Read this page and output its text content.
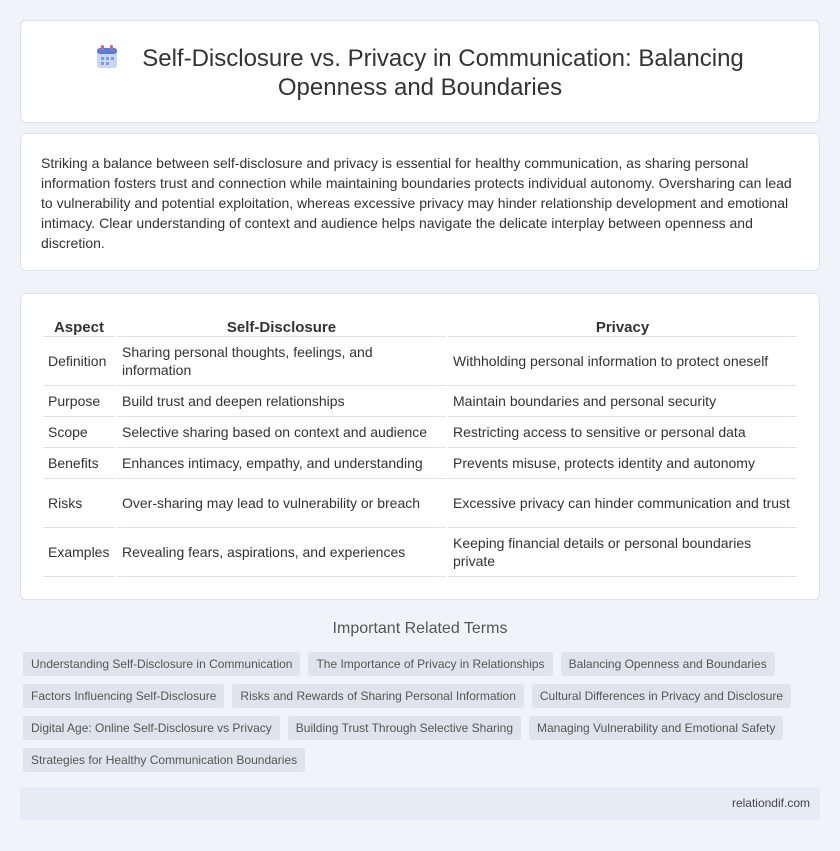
Self-Disclosure vs. Privacy in Communication: Balancing Openness and Boundaries

Striking a balance between self-disclosure and privacy is essential for healthy communication, as sharing personal information fosters trust and connection while maintaining boundaries protects individual autonomy. Oversharing can lead to vulnerability and potential exploitation, whereas excessive privacy may hinder relationship development and emotional intimacy. Clear understanding of context and audience helps navigate the delicate interplay between openness and discretion.

Aspect	Self-Disclosure	Privacy
Definition	Sharing personal thoughts, feelings, and information	Withholding personal information to protect oneself
Purpose	Build trust and deepen relationships	Maintain boundaries and personal security
Scope	Selective sharing based on context and audience	Restricting access to sensitive or personal data
Benefits	Enhances intimacy, empathy, and understanding	Prevents misuse, protects identity and autonomy
Risks	Over-sharing may lead to vulnerability or breach	Excessive privacy can hinder communication and trust
Examples	Revealing fears, aspirations, and experiences	Keeping financial details or personal boundaries private
Important Related Terms
Understanding Self-Disclosure in Communication	The Importance of Privacy in Relationships	Balancing Openness and Boundaries
Factors Influencing Self-Disclosure	Risks and Rewards of Sharing Personal Information	Cultural Differences in Privacy and Disclosure
Digital Age: Online Self-Disclosure vs Privacy	Building Trust Through Selective Sharing	Managing Vulnerability and Emotional Safety
Strategies for Healthy Communication Boundaries
relationdif.com
